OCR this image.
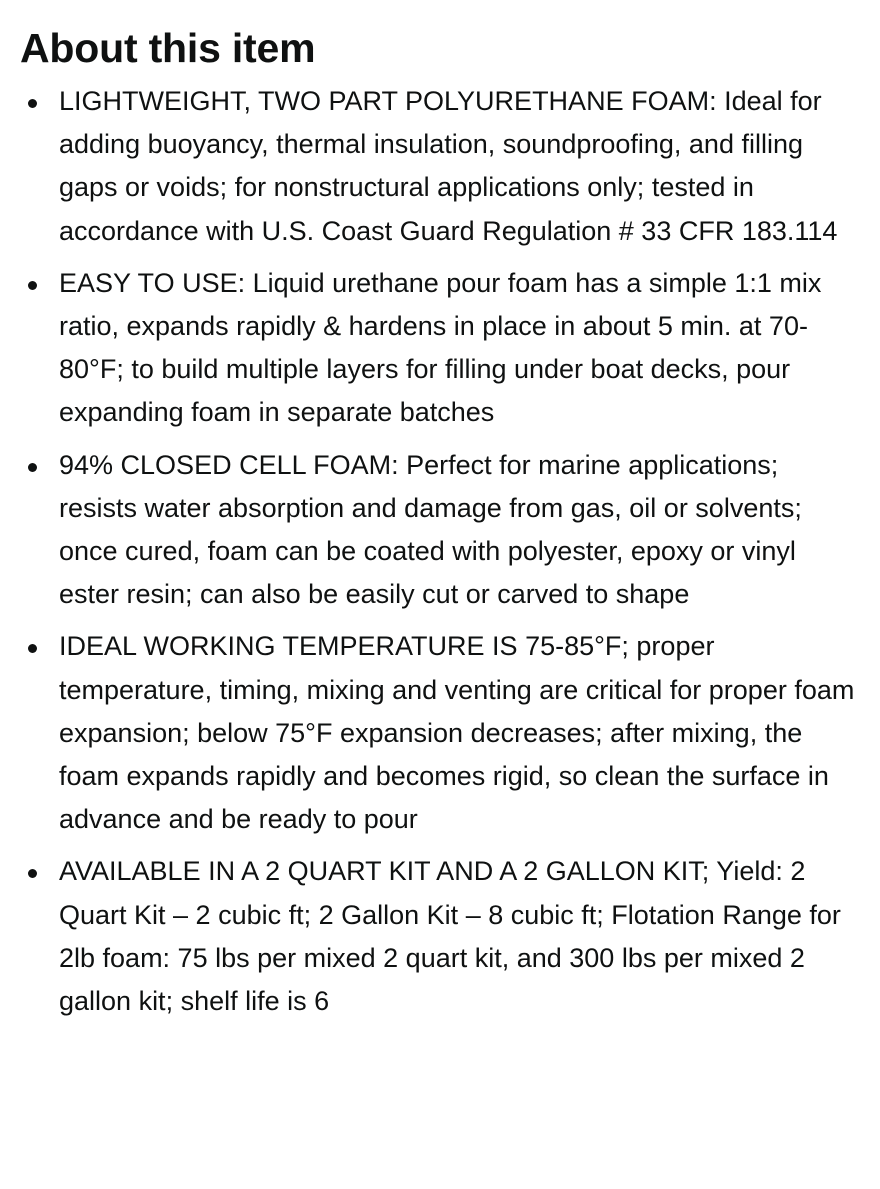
About this item
LIGHTWEIGHT, TWO PART POLYURETHANE FOAM: Ideal for adding buoyancy, thermal insulation, soundproofing, and filling gaps or voids; for nonstructural applications only; tested in accordance with U.S. Coast Guard Regulation # 33 CFR 183.114
EASY TO USE: Liquid urethane pour foam has a simple 1:1 mix ratio, expands rapidly & hardens in place in about 5 min. at 70-80°F; to build multiple layers for filling under boat decks, pour expanding foam in separate batches
94% CLOSED CELL FOAM: Perfect for marine applications; resists water absorption and damage from gas, oil or solvents; once cured, foam can be coated with polyester, epoxy or vinyl ester resin; can also be easily cut or carved to shape
IDEAL WORKING TEMPERATURE IS 75-85°F; proper temperature, timing, mixing and venting are critical for proper foam expansion; below 75°F expansion decreases; after mixing, the foam expands rapidly and becomes rigid, so clean the surface in advance and be ready to pour
AVAILABLE IN A 2 QUART KIT AND A 2 GALLON KIT; Yield: 2 Quart Kit – 2 cubic ft; 2 Gallon Kit – 8 cubic ft; Flotation Range for 2lb foam: 75 lbs per mixed 2 quart kit, and 300 lbs per mixed 2 gallon kit; shelf life is 6
